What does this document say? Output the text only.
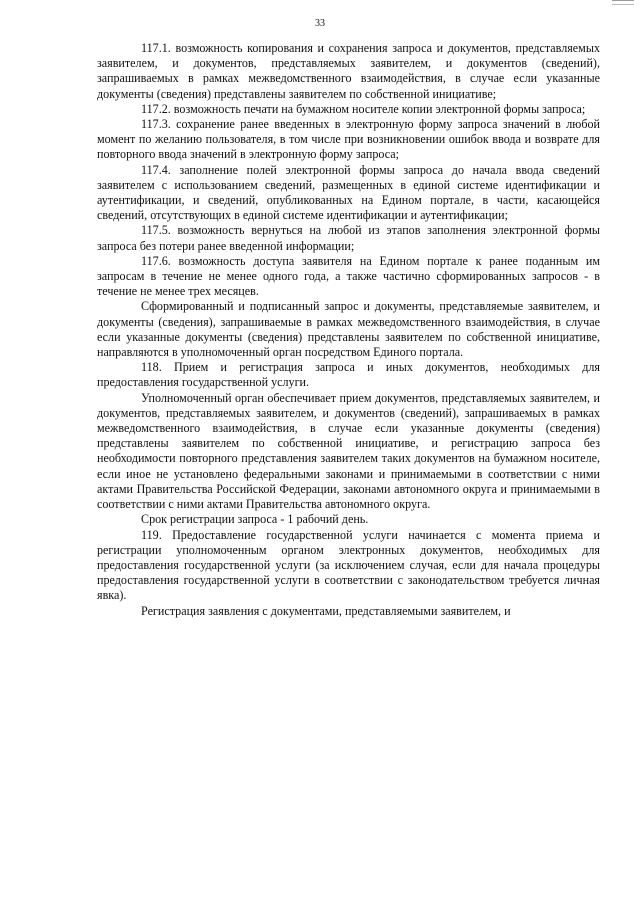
33

117.1. возможность копирования и сохранения запроса и документов, представляемых заявителем, и документов, представляемых заявителем, и документов (сведений), запрашиваемых в рамках межведомственного взаимодействия, в случае если указанные документы (сведения) представлены заявителем по собственной инициативе;

117.2. возможность печати на бумажном носителе копии электронной формы запроса;

117.3. сохранение ранее введенных в электронную форму запроса значений в любой момент по желанию пользователя, в том числе при возникновении ошибок ввода и возврате для повторного ввода значений в электронную форму запроса;

117.4. заполнение полей электронной формы запроса до начала ввода сведений заявителем с использованием сведений, размещенных в единой системе идентификации и аутентификации, и сведений, опубликованных на Едином портале, в части, касающейся сведений, отсутствующих в единой системе идентификации и аутентификации;

117.5. возможность вернуться на любой из этапов заполнения электронной формы запроса без потери ранее введенной информации;

117.6. возможность доступа заявителя на Едином портале к ранее поданным им запросам в течение не менее одного года, а также частично сформированных запросов - в течение не менее трех месяцев.

Сформированный и подписанный запрос и документы, представляемые заявителем, и документы (сведения), запрашиваемые в рамках межведомственного взаимодействия, в случае если указанные документы (сведения) представлены заявителем по собственной инициативе, направляются в уполномоченный орган посредством Единого портала.

118. Прием и регистрация запроса и иных документов, необходимых для предоставления государственной услуги.

Уполномоченный орган обеспечивает прием документов, представляемых заявителем, и документов, представляемых заявителем, и документов (сведений), запрашиваемых в рамках межведомственного взаимодействия, в случае если указанные документы (сведения) представлены заявителем по собственной инициативе, и регистрацию запроса без необходимости повторного представления заявителем таких документов на бумажном носителе, если иное не установлено федеральными законами и принимаемыми в соответствии с ними актами Правительства Российской Федерации, законами автономного округа и принимаемыми в соответствии с ними актами Правительства автономного округа.

Срок регистрации запроса - 1 рабочий день.

119. Предоставление государственной услуги начинается с момента приема и регистрации уполномоченным органом электронных документов, необходимых для предоставления государственной услуги (за исключением случая, если для начала процедуры предоставления государственной услуги в соответствии с законодательством требуется личная явка).

Регистрация заявления с документами, представляемыми заявителем, и
